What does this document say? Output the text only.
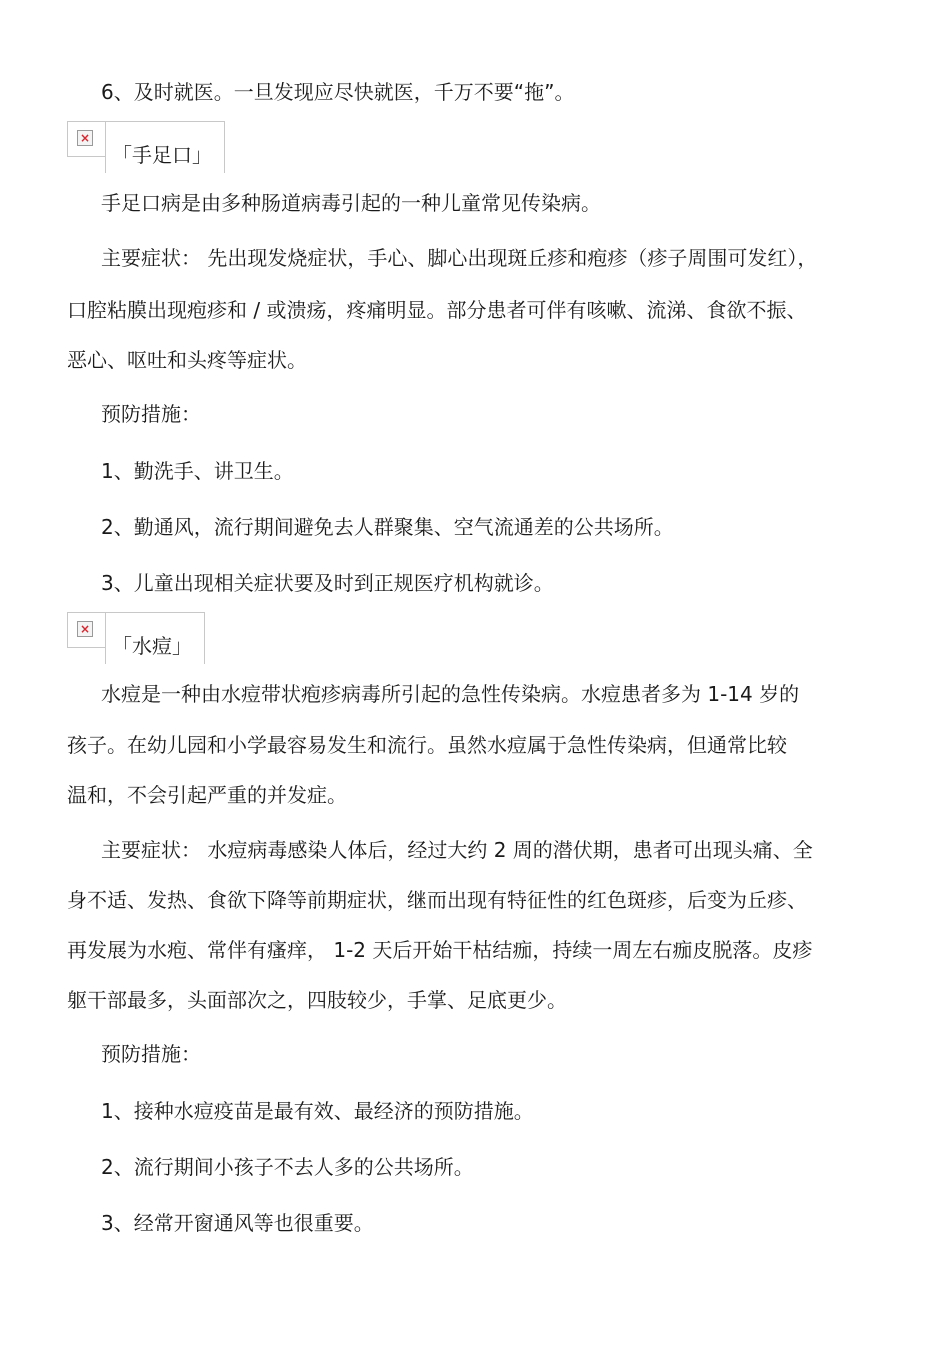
6、及时就医。一旦发现应尽快就医，千万不要“拖”。
×
「手足口」
手足口病是由多种肠道病毒引起的一种儿童常见传染病。
主要症状： 先出现发烧症状，手心、脚心出现斑丘疹和疱疹（疹子周围可发红），
口腔粘膜出现疱疹和 / 或溃疡，疼痛明显。部分患者可伴有咳嗽、流涕、食欲不振、
恶心、呕吐和头疼等症状。
预防措施：
1、勤洗手、讲卫生。
2、勤通风，流行期间避免去人群聚集、空气流通差的公共场所。
3、儿童出现相关症状要及时到正规医疗机构就诊。
×
「水痘」
水痘是一种由水痘带状疱疹病毒所引起的急性传染病。水痘患者多为 1-14 岁的
孩子。在幼儿园和小学最容易发生和流行。虽然水痘属于急性传染病，但通常比较
温和，不会引起严重的并发症。
主要症状： 水痘病毒感染人体后，经过大约 2 周的潜伏期，患者可出现头痛、全
身不适、发热、食欲下降等前期症状，继而出现有特征性的红色斑疹，后变为丘疹、
再发展为水疱、常伴有瘙痒， 1-2 天后开始干枯结痂，持续一周左右痂皮脱落。皮疹
躯干部最多，头面部次之，四肢较少，手掌、足底更少。
预防措施：
1、接种水痘疫苗是最有效、最经济的预防措施。
2、流行期间小孩子不去人多的公共场所。
3、经常开窗通风等也很重要。
